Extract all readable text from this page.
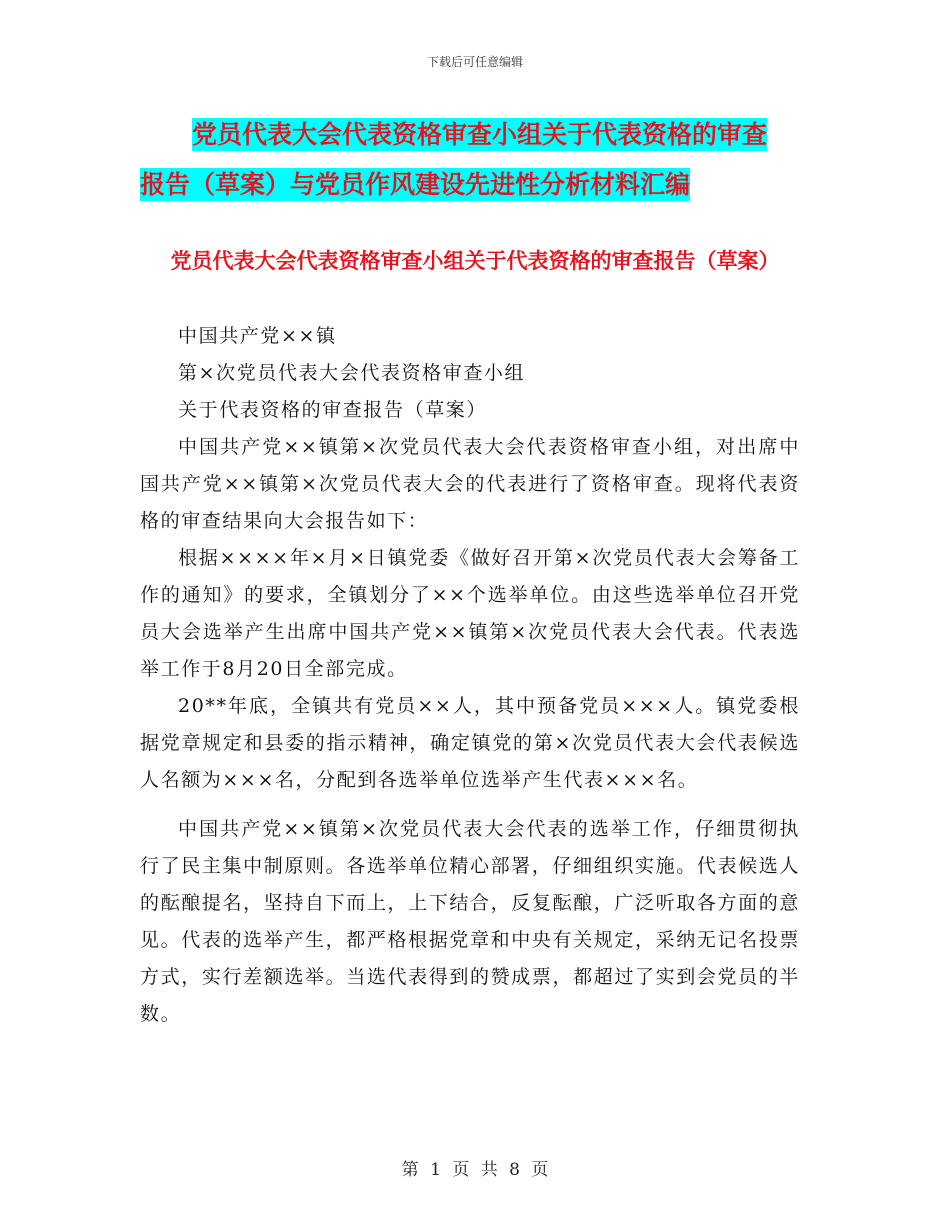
下载后可任意编辑
党员代表大会代表资格审查小组关于代表资格的审查
报告（草案）与党员作风建设先进性分析材料汇编
党员代表大会代表资格审查小组关于代表资格的审查报告（草案）

中国共产党××镇

第×次党员代表大会代表资格审查小组

关于代表资格的审查报告（草案）

中国共产党××镇第×次党员代表大会代表资格审查小组，对出席中国共产党××镇第×次党员代表大会的代表进行了资格审查。现将代表资格的审查结果向大会报告如下：

根据××××年×月×日镇党委《做好召开第×次党员代表大会筹备工作的通知》的要求，全镇划分了××个选举单位。由这些选举单位召开党员大会选举产生出席中国共产党××镇第×次党员代表大会代表。代表选举工作于8月20日全部完成。

20**年底，全镇共有党员××人，其中预备党员×××人。镇党委根据党章规定和县委的指示精神，确定镇党的第×次党员代表大会代表候选人名额为×××名，分配到各选举单位选举产生代表×××名。

中国共产党××镇第×次党员代表大会代表的选举工作，仔细贯彻执行了民主集中制原则。各选举单位精心部署，仔细组织实施。代表候选人的酝酿提名，坚持自下而上，上下结合，反复酝酿，广泛听取各方面的意见。代表的选举产生，都严格根据党章和中央有关规定，采纳无记名投票方式，实行差额选举。当选代表得到的赞成票，都超过了实到会党员的半数。

第 1 页 共 8 页
